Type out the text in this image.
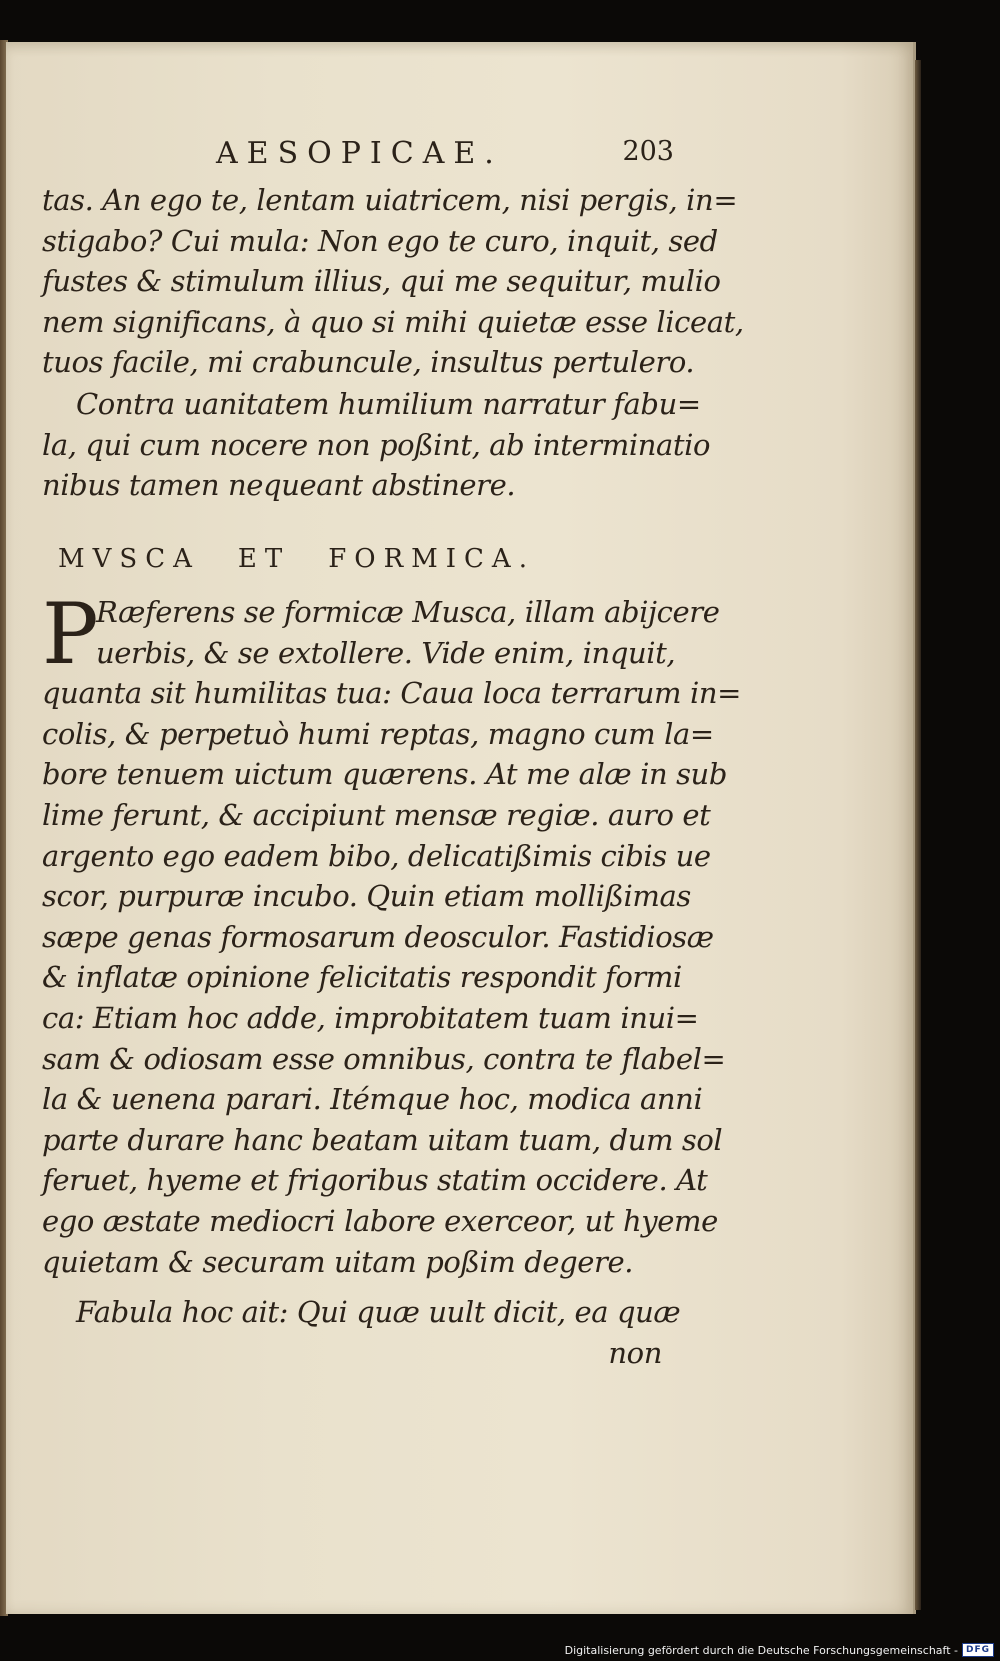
AESOPICAE.	203
tas. An ego te, lentam uiatricem, nisi pergis, in=
stigabo? Cui mula: Non ego te curo, inquit, sed
fustes & stimulum illius, qui me sequitur, mulio
nem significans, à quo si mihi quietæ esse liceat,
tuos facile, mi crabuncule, insultus pertulero.
Contra uanitatem humilium narratur fabu=
la, qui cum nocere non poßint, ab interminatio
nibus tamen nequeant abstinere.
MVSCA ET FORMICA.
P
Ræferens se formicæ Musca, illam abijcere
uerbis, & se extollere. Vide enim, inquit,
quanta sit humilitas tua: Caua loca terrarum in=
colis, & perpetuò humi reptas, magno cum la=
bore tenuem uictum quærens. At me alæ in sub
lime ferunt, & accipiunt mensæ regiæ. auro et
argento ego eadem bibo, delicatißimis cibis ue
scor, purpuræ incubo. Quin etiam mollißimas
sæpe genas formosarum deosculor. Fastidiosæ
& inflatæ opinione felicitatis respondit formi
ca: Etiam hoc adde, improbitatem tuam inui=
sam & odiosam esse omnibus, contra te flabel=
la & uenena parari. Itémque hoc, modica anni
parte durare hanc beatam uitam tuam, dum sol
feruet, hyeme et frigoribus statim occidere. At
ego æstate mediocri labore exerceor, ut hyeme
quietam & securam uitam poßim degere.
Fabula hoc ait: Qui quæ uult dicit, ea quæ
non
Digitalisierung gefördert durch die Deutsche Forschungsgemeinschaft - DFG
